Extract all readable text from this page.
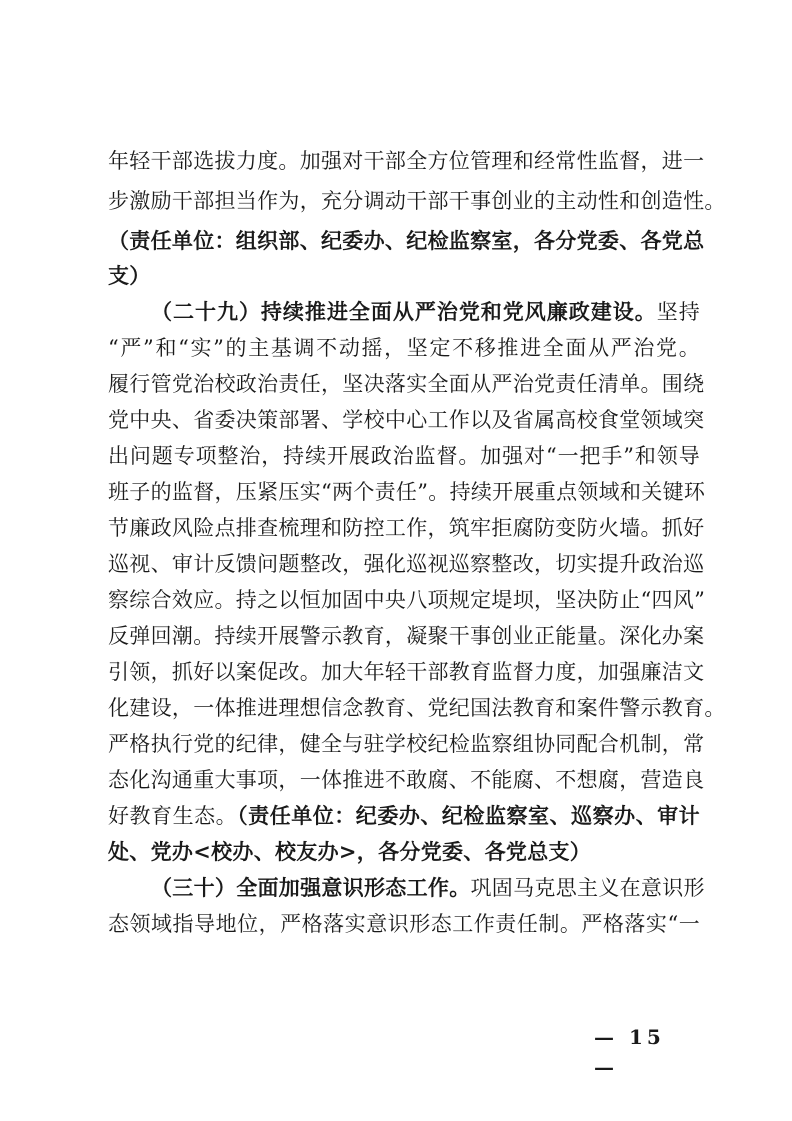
年轻干部选拔力度。加强对干部全方位管理和经常性监督，进一
步激励干部担当作为，充分调动干部干事创业的主动性和创造性。
（责任单位：组织部、纪委办、纪检监察室，各分党委、各党总
支）
（二十九）持续推进全面从严治党和党风廉政建设。坚持
“严”和“实”的主基调不动摇，坚定不移推进全面从严治党。
履行管党治校政治责任，坚决落实全面从严治党责任清单。围绕
党中央、省委决策部署、学校中心工作以及省属高校食堂领域突
出问题专项整治，持续开展政治监督。加强对“一把手”和领导
班子的监督，压紧压实“两个责任”。持续开展重点领域和关键环
节廉政风险点排查梳理和防控工作，筑牢拒腐防变防火墙。抓好
巡视、审计反馈问题整改，强化巡视巡察整改，切实提升政治巡
察综合效应。持之以恒加固中央八项规定堤坝，坚决防止“四风”
反弹回潮。持续开展警示教育，凝聚干事创业正能量。深化办案
引领，抓好以案促改。加大年轻干部教育监督力度，加强廉洁文
化建设，一体推进理想信念教育、党纪国法教育和案件警示教育。
严格执行党的纪律，健全与驻学校纪检监察组协同配合机制，常
态化沟通重大事项，一体推进不敢腐、不能腐、不想腐，营造良
好教育生态。（责任单位：纪委办、纪检监察室、巡察办、审计
处、党办<校办、校友办>，各分党委、各党总支）
（三十）全面加强意识形态工作。巩固马克思主义在意识形
态领域指导地位，严格落实意识形态工作责任制。严格落实“一
— 15 —
